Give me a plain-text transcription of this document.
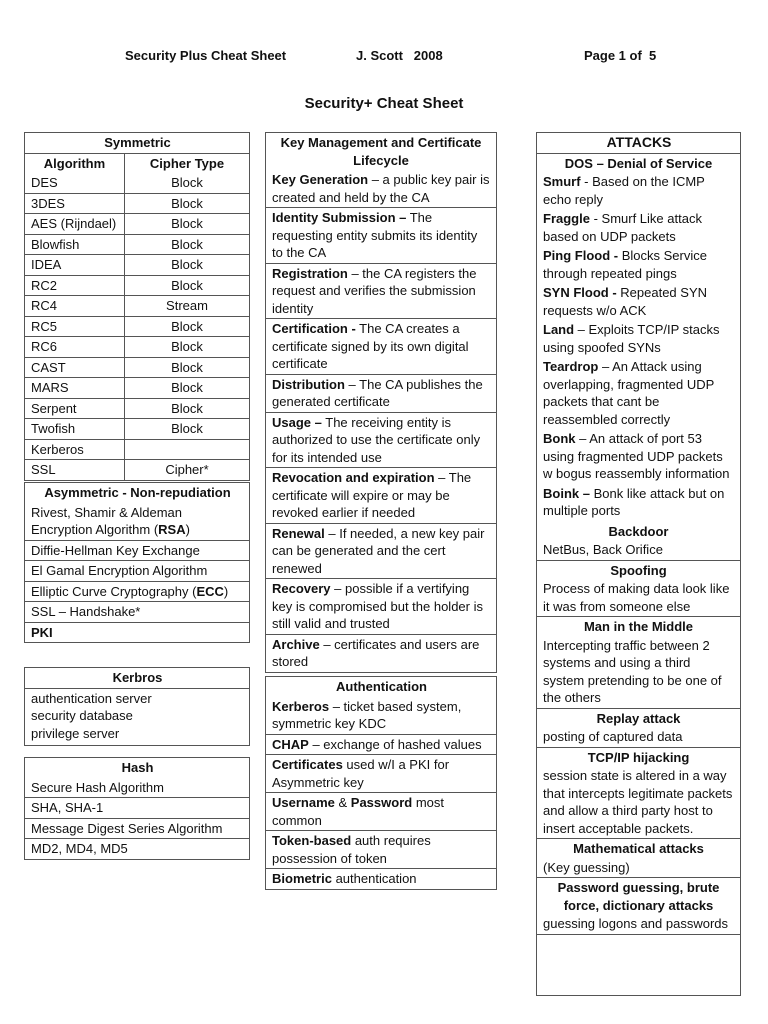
Security Plus Cheat Sheet	J. Scott   2008	Page 1 of  5
Security+ Cheat Sheet
Symmetric
Algorithm	Cipher Type
DES	Block
3DES	Block
AES (Rijndael)	Block
Blowfish	Block
IDEA	Block
RC2	Block
RC4	Stream
RC5	Block
RC6	Block
CAST	Block
MARS	Block
Serpent	Block
Twofish	Block
Kerberos
SSL	Cipher*
Asymmetric - Non-repudiation
Rivest, Shamir & Aldeman Encryption Algorithm (RSA)
Diffie-Hellman Key Exchange
El Gamal Encryption Algorithm
Elliptic Curve Cryptography (ECC)
SSL – Handshake*
PKI
Kerbros
authentication server
security database
privilege server
Hash
Secure Hash Algorithm
SHA, SHA-1
Message Digest Series Algorithm
MD2, MD4, MD5
Key Management and Certificate Lifecycle
Key Generation – a public key pair is created and held by the CA
Identity Submission – The requesting entity submits its identity to the CA
Registration – the CA registers the request and verifies the submission identity
Certification - The CA creates a certificate signed by its own digital certificate
Distribution – The CA publishes the generated certificate
Usage – The receiving entity is authorized to use the certificate only for its intended use
Revocation and expiration – The certificate will expire or may be revoked earlier if needed
Renewal – If needed, a new key pair can be generated and the cert renewed
Recovery – possible if a vertifying key is compromised but the holder is still valid and trusted
Archive – certificates and users are stored
Authentication
Kerberos – ticket based system, symmetric key KDC
CHAP – exchange of hashed values
Certificates used w/I a PKI for Asymmetric key
Username & Password most common
Token-based auth requires possession of token
Biometric authentication
ATTACKS
DOS – Denial of Service
Smurf - Based on the ICMP echo reply
Fraggle - Smurf Like attack based on UDP packets
Ping Flood - Blocks Service through repeated pings
SYN Flood - Repeated SYN requests w/o ACK
Land – Exploits TCP/IP stacks using spoofed SYNs
Teardrop – An Attack using overlapping, fragmented UDP packets that cant be reassembled correctly
Bonk – An attack of port 53 using fragmented UDP packets w bogus reassembly information
Boink – Bonk like attack but on multiple ports
Backdoor
NetBus, Back Orifice
Spoofing
Process of making data look like it was from someone else
Man in the Middle
Intercepting traffic between 2 systems and using a third system pretending to be one of the others
Replay attack
posting of captured data
TCP/IP hijacking
session state is altered in a way that intercepts legitimate packets and allow a third party host to insert acceptable packets.
Mathematical attacks
(Key guessing)
Password guessing, brute force, dictionary attacks
guessing logons and passwords
